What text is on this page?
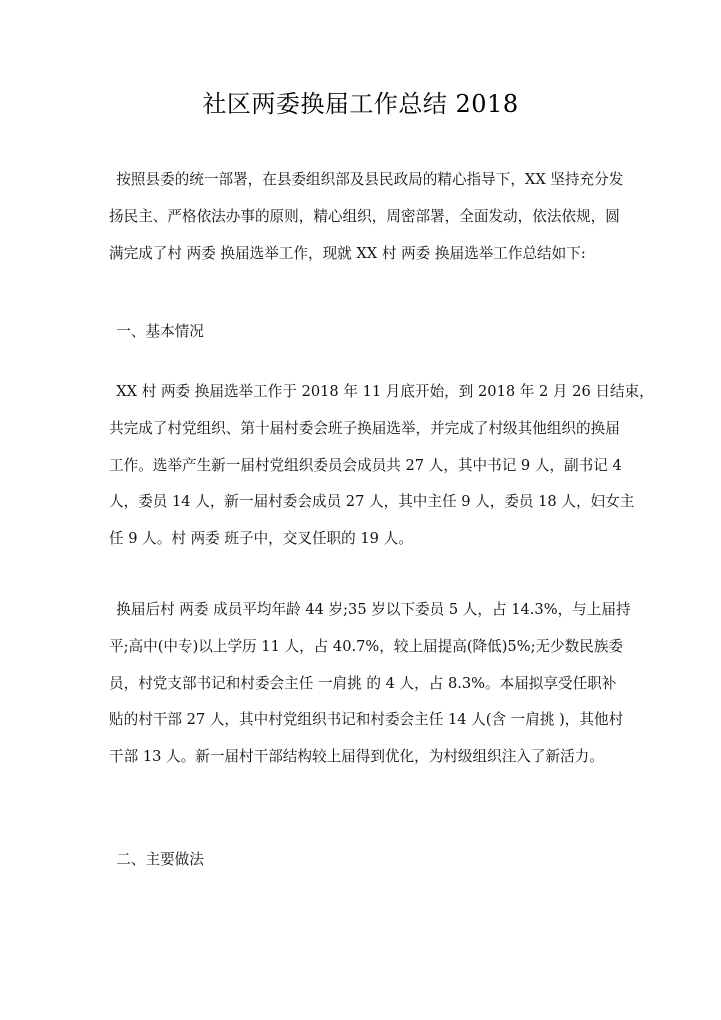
社区两委换届工作总结 2018
按照县委的统一部署，在县委组织部及县民政局的精心指导下，XX 坚持充分发
扬民主、严格依法办事的原则，精心组织，周密部署，全面发动，依法依规，圆
满完成了村 两委 换届选举工作，现就 XX 村 两委 换届选举工作总结如下:
一、基本情况
XX 村 两委 换届选举工作于 2018 年 11 月底开始，到 2018 年 2 月 26 日结束，
共完成了村党组织、第十届村委会班子换届选举，并完成了村级其他组织的换届
工作。选举产生新一届村党组织委员会成员共 27 人，其中书记 9 人，副书记 4
人，委员 14 人，新一届村委会成员 27 人，其中主任 9 人，委员 18 人，妇女主
任 9 人。村 两委 班子中，交叉任职的 19 人。
换届后村 两委 成员平均年龄 44 岁;35 岁以下委员 5 人，占 14.3%，与上届持
平;高中(中专)以上学历 11 人，占 40.7%，较上届提高(降低)5%;无少数民族委
员，村党支部书记和村委会主任 一肩挑 的 4 人，占 8.3%。本届拟享受任职补
贴的村干部 27 人，其中村党组织书记和村委会主任 14 人(含 一肩挑 )，其他村
干部 13 人。新一届村干部结构较上届得到优化，为村级组织注入了新活力。
二、主要做法
